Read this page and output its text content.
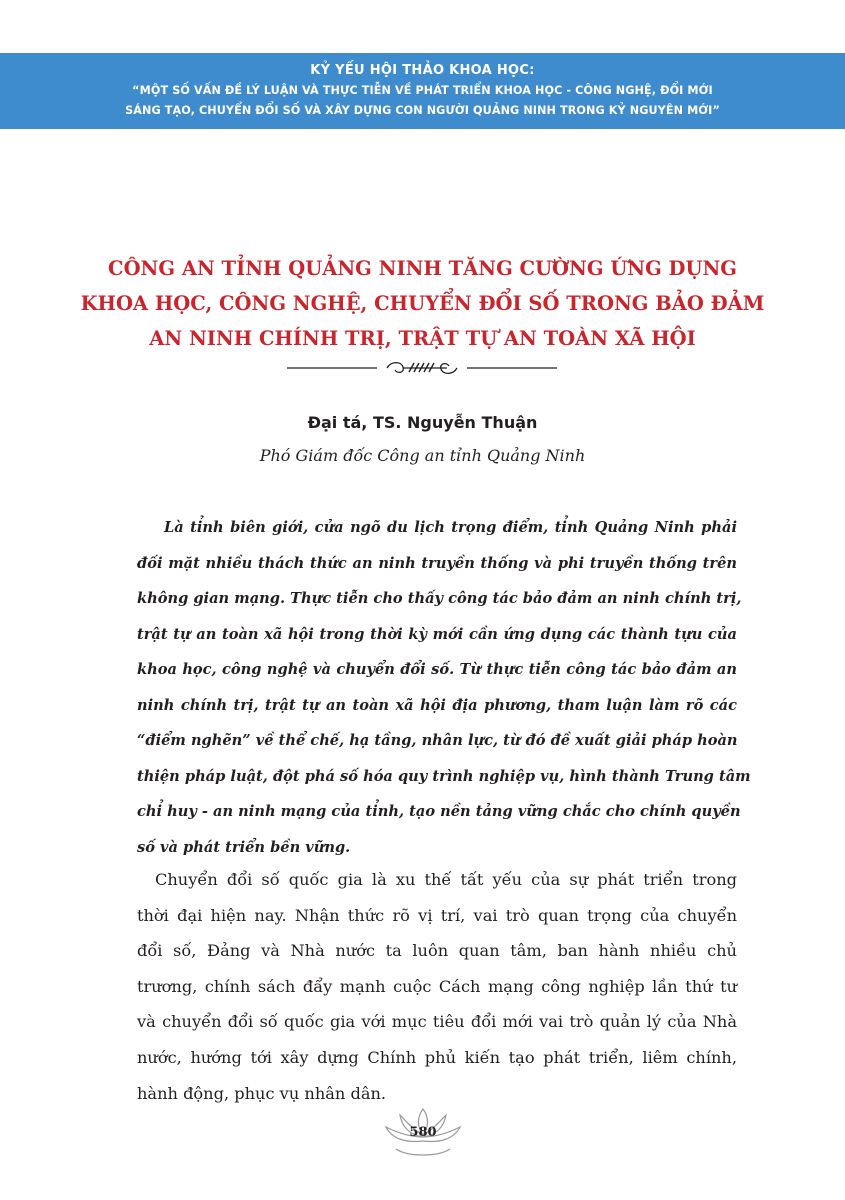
KỶ YẾU HỘI THẢO KHOA HỌC:
“MỘT SỐ VẤN ĐỀ LÝ LUẬN VÀ THỰC TIỄN VỀ PHÁT TRIỂN KHOA HỌC - CÔNG NGHỆ, ĐỔI MỚI
SÁNG TẠO, CHUYỂN ĐỔI SỐ VÀ XÂY DỰNG CON NGƯỜI QUẢNG NINH TRONG KỶ NGUYÊN MỚI”
CÔNG AN TỈNH QUẢNG NINH TĂNG CƯỜNG ỨNG DỤNG
KHOA HỌC, CÔNG NGHỆ, CHUYỂN ĐỔI SỐ TRONG BẢO ĐẢM
AN NINH CHÍNH TRỊ, TRẬT TỰ AN TOÀN XÃ HỘI
Đại tá, TS. Nguyễn Thuận
Phó Giám đốc Công an tỉnh Quảng Ninh
Là tỉnh biên giới, cửa ngõ du lịch trọng điểm, tỉnh Quảng Ninh phải
đối mặt nhiều thách thức an ninh truyền thống và phi truyền thống trên
không gian mạng. Thực tiễn cho thấy công tác bảo đảm an ninh chính trị,
trật tự an toàn xã hội trong thời kỳ mới cần ứng dụng các thành tựu của
khoa học, công nghệ và chuyển đổi số. Từ thực tiễn công tác bảo đảm an
ninh chính trị, trật tự an toàn xã hội địa phương, tham luận làm rõ các
“điểm nghẽn” về thể chế, hạ tầng, nhân lực, từ đó đề xuất giải pháp hoàn
thiện pháp luật, đột phá số hóa quy trình nghiệp vụ, hình thành Trung tâm
chỉ huy - an ninh mạng của tỉnh, tạo nền tảng vững chắc cho chính quyền
số và phát triển bền vững.
Chuyển đổi số quốc gia là xu thế tất yếu của sự phát triển trong
thời đại hiện nay. Nhận thức rõ vị trí, vai trò quan trọng của chuyển
đổi số, Đảng và Nhà nước ta luôn quan tâm, ban hành nhiều chủ
trương, chính sách đẩy mạnh cuộc Cách mạng công nghiệp lần thứ tư
và chuyển đổi số quốc gia với mục tiêu đổi mới vai trò quản lý của Nhà
nước, hướng tới xây dựng Chính phủ kiến tạo phát triển, liêm chính,
hành động, phục vụ nhân dân.
580
